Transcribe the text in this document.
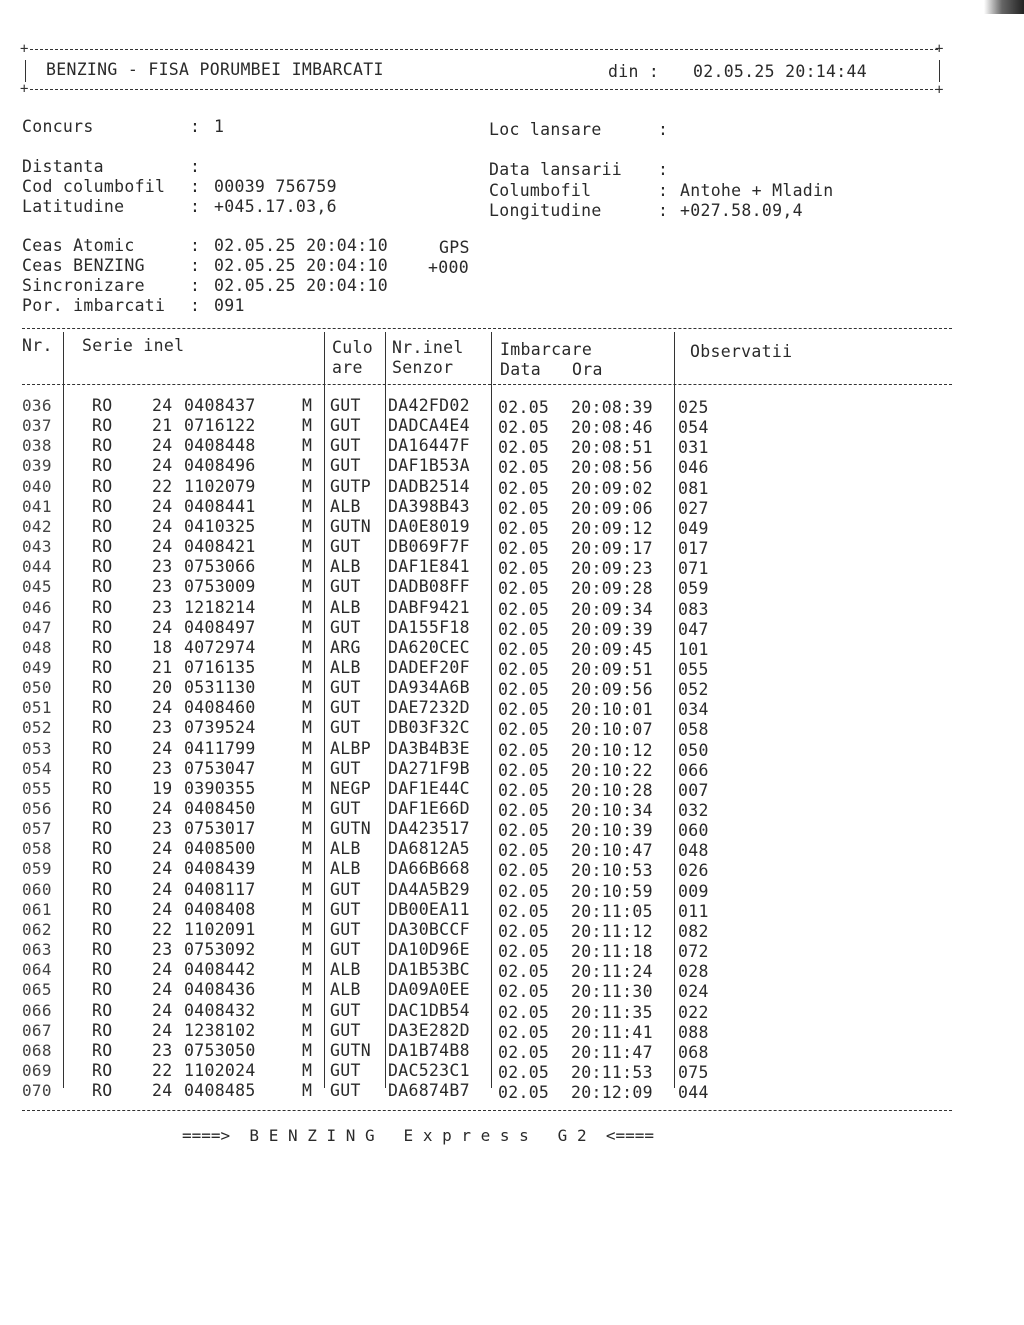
+	+
BENZING - FISA PORUMBEI IMBARCATI	din : 02.05.25 20:14:44
+	+
Concurs	: 1
Distanta	:
Cod columbofil : 00039 756759
Latitudine	: +045.17.03,6
Loc lansare	:
Data lansarii :
Columbofil	: Antohe + Mladin
Longitudine	: +027.58.09,4
Ceas Atomic	: 02.05.25 20:04:10	GPS
Ceas BENZING	: 02.05.25 20:04:10 +000
Sincronizare	: 02.05.25 20:04:10
Por. imbarcati : 091
Nr. Serie inel	Culo
are
Nr.inel
Senzor
Imbarcare
Data Ora
Observatii
036 RO 24 0408437	M GUT DA42FD02 02.05 20:08:39 025
037 RO 21 0716122	M GUT DADCA4E4 02.05 20:08:46 054
038 RO 24 0408448	M GUT DA16447F 02.05 20:08:51 031
039 RO 24 0408496	M GUT DAF1B53A 02.05 20:08:56 046
040 RO 22 1102079	M GUTP DADB2514 02.05 20:09:02 081
041 RO 24 0408441	M ALB DA398B43 02.05 20:09:06 027
042 RO 24 0410325	M GUTN DA0E8019 02.05 20:09:12 049
043 RO 24 0408421	M GUT DB069F7F 02.05 20:09:17 017
044 RO 23 0753066	M ALB DAF1E841 02.05 20:09:23 071
045 RO 23 0753009	M GUT DADB08FF 02.05 20:09:28 059
046 RO 23 1218214	M ALB DABF9421 02.05 20:09:34 083
047 RO 24 0408497	M GUT DA155F18 02.05 20:09:39 047
048 RO 18 4072974	M ARG DA620CEC 02.05 20:09:45 101
049 RO 21 0716135	M ALB DADEF20F 02.05 20:09:51 055
050 RO 20 0531130	M GUT DA934A6B 02.05 20:09:56 052
051 RO 24 0408460	M GUT DAE7232D 02.05 20:10:01 034
052 RO 23 0739524	M GUT DB03F32C 02.05 20:10:07 058
053 RO 24 0411799	M ALBP DA3B4B3E 02.05 20:10:12 050
054 RO 23 0753047	M GUT DA271F9B 02.05 20:10:22 066
055 RO 19 0390355	M NEGP DAF1E44C 02.05 20:10:28 007
056 RO 24 0408450	M GUT DAF1E66D 02.05 20:10:34 032
057 RO 23 0753017	M GUTN DA423517 02.05 20:10:39 060
058 RO 24 0408500	M ALB DA6812A5 02.05 20:10:47 048
059 RO 24 0408439	M ALB DA66B668 02.05 20:10:53 026
060 RO 24 0408117	M GUT DA4A5B29 02.05 20:10:59 009
061 RO 24 0408408	M GUT DB00EA11 02.05 20:11:05 011
062 RO 22 1102091	M GUT DA30BCCF 02.05 20:11:12 082
063 RO 23 0753092	M GUT DA10D96E 02.05 20:11:18 072
064 RO 24 0408442	M ALB DA1B53BC 02.05 20:11:24 028
065 RO 24 0408436	M ALB DA09A0EE 02.05 20:11:30 024
066 RO 24 0408432	M GUT DAC1DB54 02.05 20:11:35 022
067 RO 24 1238102	M GUT DA3E282D 02.05 20:11:41 088
068 RO 23 0753050	M GUTN DA1B74B8 02.05 20:11:47 068
069 RO 22 1102024	M GUT DAC523C1 02.05 20:11:53 075
070 RO 24 0408485	M GUT DA6874B7 02.05 20:12:09 044
====>  B E N Z I N G   E x p r e s s   G 2  <====
